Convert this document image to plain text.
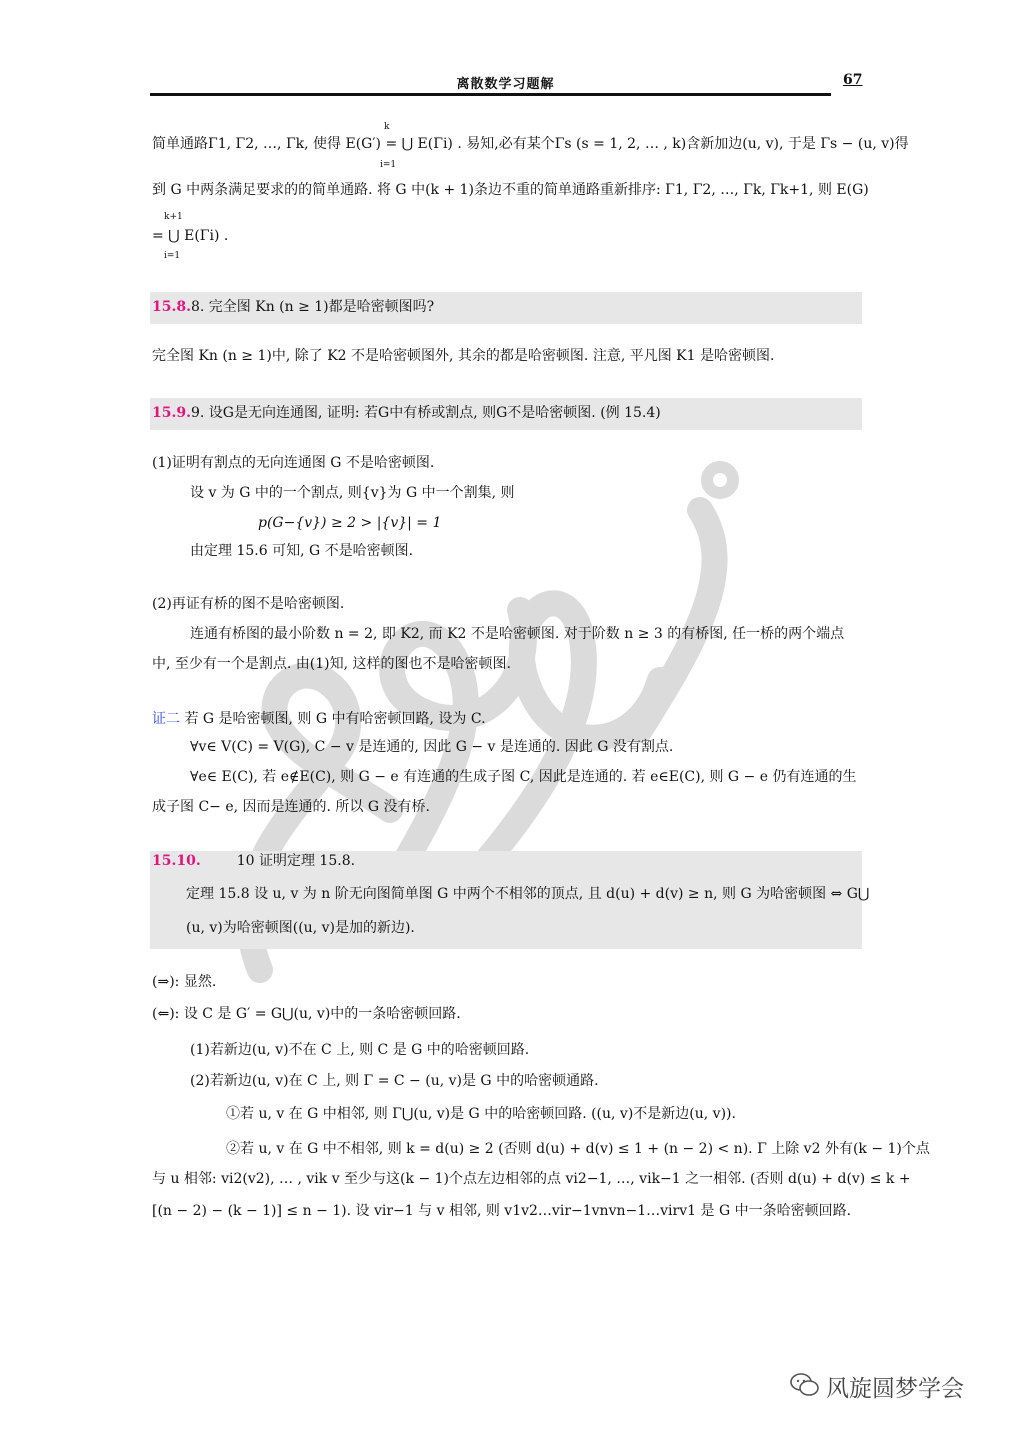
离散数学习题解	67
简单通路Γ1, Γ2, …, Γk, 使得 E(G′) = ⋃ E(Γi) . 易知,必有某个Γs (s = 1, 2, … , k)含新加边(u, v), 于是 Γs − (u, v)得
k
i=1
到 G 中两条满足要求的的简单通路. 将 G 中(k + 1)条边不重的简单通路重新排序: Γ1, Γ2, …, Γk, Γk+1, 则 E(G)
= ⋃ E(Γi) .
k+1
i=1
15.8.8. 完全图 Kn (n ≥ 1)都是哈密顿图吗?
完全图 Kn (n ≥ 1)中, 除了 K2 不是哈密顿图外, 其余的都是哈密顿图. 注意, 平凡图 K1 是哈密顿图.
15.9.9. 设G是无向连通图, 证明: 若G中有桥或割点, 则G不是哈密顿图. (例 15.4)
(1)证明有割点的无向连通图 G 不是哈密顿图.
设 v 为 G 中的一个割点, 则{v}为 G 中一个割集, 则
p(G−{v}) ≥ 2 > |{v}| = 1
由定理 15.6 可知, G 不是哈密顿图.
(2)再证有桥的图不是哈密顿图.
连通有桥图的最小阶数 n = 2, 即 K2, 而 K2 不是哈密顿图. 对于阶数 n ≥ 3 的有桥图, 任一桥的两个端点
中, 至少有一个是割点. 由(1)知, 这样的图也不是哈密顿图.
证二 若 G 是哈密顿图, 则 G 中有哈密顿回路, 设为 C.
∀v∈ V(C) = V(G), C − v 是连通的, 因此 G − v 是连通的. 因此 G 没有割点.
∀e∈ E(C), 若 e∉E(C), 则 G − e 有连通的生成子图 C, 因此是连通的. 若 e∈E(C), 则 G − e 仍有连通的生
成子图 C− e, 因而是连通的. 所以 G 没有桥.
15.10.	10 证明定理 15.8.
定理 15.8 设 u, v 为 n 阶无向图简单图 G 中两个不相邻的顶点, 且 d(u) + d(v) ≥ n, 则 G 为哈密顿图 ⇔ G⋃
(u, v)为哈密顿图((u, v)是加的新边).
(⇒): 显然.
(⇐): 设 C 是 G′ = G⋃(u, v)中的一条哈密顿回路.
(1)若新边(u, v)不在 C 上, 则 C 是 G 中的哈密顿回路.
(2)若新边(u, v)在 C 上, 则 Γ = C − (u, v)是 G 中的哈密顿通路.
①若 u, v 在 G 中相邻, 则 Γ⋃(u, v)是 G 中的哈密顿回路. ((u, v)不是新边(u, v)).
②若 u, v 在 G 中不相邻, 则 k = d(u) ≥ 2 (否则 d(u) + d(v) ≤ 1 + (n − 2) < n). Γ 上除 v2 外有(k − 1)个点
与 u 相邻: vi2(v2), … , vik v 至少与这(k − 1)个点左边相邻的点 vi2−1, …, vik−1 之一相邻. (否则 d(u) + d(v) ≤ k +
[(n − 2) − (k − 1)] ≤ n − 1). 设 vir−1 与 v 相邻, 则 v1v2…vir−1vnvn−1…virv1 是 G 中一条哈密顿回路.
风旋圆梦学会
